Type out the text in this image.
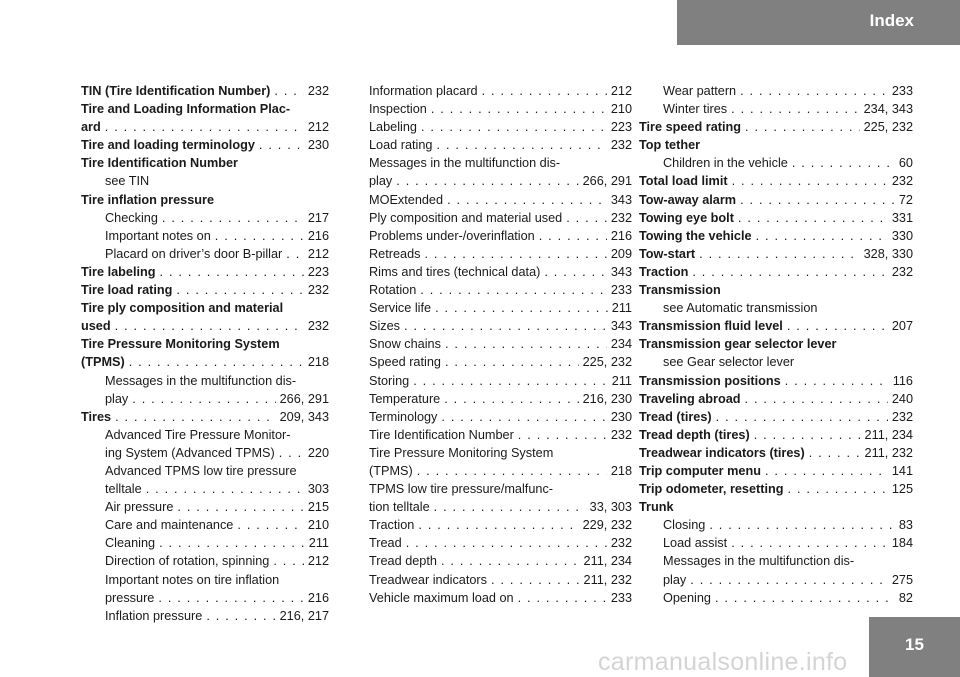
Index
TIN (Tire Identification Number) . . .	232
Tire and Loading Information Plac-
ard . . .	212
Tire and loading terminology . . .	230
Tire Identification Number
see TIN
Tire inflation pressure
Checking . . .	217
Important notes on . . .	216
Placard on driver’s door B-pillar . . . 212
Tire labeling . . .	223
Tire load rating . . .	232
Tire ply composition and material
used . . .	232
Tire Pressure Monitoring System
(TPMS) . . .	218
Messages in the multifunction dis-
play . . .	266, 291
Tires . . .	209, 343
Advanced Tire Pressure Monitor-
ing System (Advanced TPMS) . . .	220
Advanced TPMS low tire pressure
telltale . . .	303
Air pressure . . .	215
Care and maintenance . . .	210
Cleaning . . .	211
Direction of rotation, spinning . . .	212
Important notes on tire inflation
pressure . . .	216
Inflation pressure . . .	216, 217
Information placard . . .	212
Inspection . . .	210
Labeling . . .	223
Load rating . . .	232
Messages in the multifunction dis-
play . . .	266, 291
MOExtended . . .	343
Ply composition and material used . . .	232
Problems under-/overinflation . . .	216
Retreads . . .	209
Rims and tires (technical data) . . .	343
Rotation . . .	233
Service life . . .	211
Sizes . . .	343
Snow chains . . .	234
Speed rating . . .	225, 232
Storing . . .	211
Temperature . . .	216, 230
Terminology . . .	230
Tire Identification Number . . .	232
Tire Pressure Monitoring System
(TPMS) . . .	218
TPMS low tire pressure/malfunc-
tion telltale . . .	33, 303
Traction . . .	229, 232
Tread . . .	232
Tread depth . . .	211, 234
Treadwear indicators . . .	211, 232
Vehicle maximum load on . . .	233
Wear pattern . . .	233
Winter tires . . .	234, 343
Tire speed rating . . .	225, 232
Top tether
Children in the vehicle . . .	60
Total load limit . . .	232
Tow-away alarm . . .	72
Towing eye bolt . . .	331
Towing the vehicle . . .	330
Tow-start . . .	328, 330
Traction . . .	232
Transmission
see Automatic transmission
Transmission fluid level . . .	207
Transmission gear selector lever
see Gear selector lever
Transmission positions . . .	116
Traveling abroad . . .	240
Tread (tires) . . .	232
Tread depth (tires) . . .	211, 234
Treadwear indicators (tires) . . .	211, 232
Trip computer menu . . .	141
Trip odometer, resetting . . .	125
Trunk
Closing . . .	83
Load assist . . .	184
Messages in the multifunction dis-
play . . .	275
Opening . . .	82
15
carmanualsonline.info
